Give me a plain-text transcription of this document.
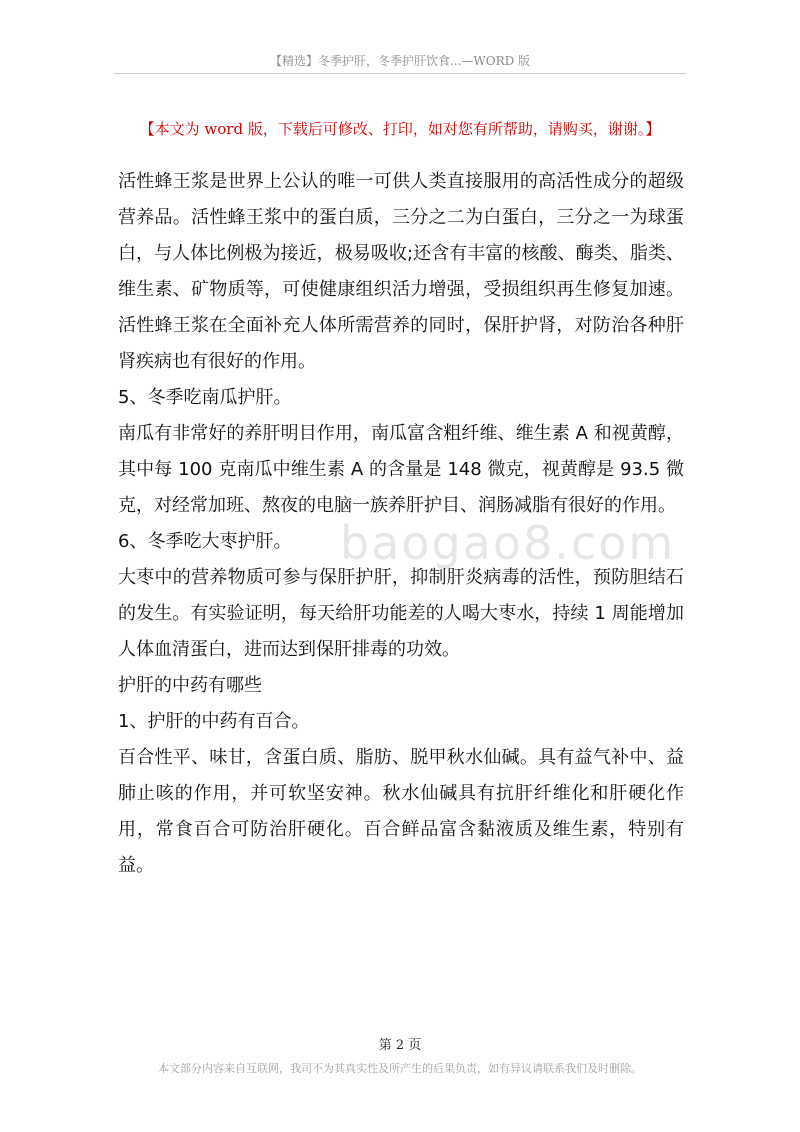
【精选】冬季护肝，冬季护肝饮食...—WORD 版
【本文为 word 版，下载后可修改、打印，如对您有所帮助，请购买，谢谢。】
baogao8.com

活性蜂王浆是世界上公认的唯一可供人类直接服用的高活性成分的超级营养品。活性蜂王浆中的蛋白质，三分之二为白蛋白，三分之一为球蛋白，与人体比例极为接近，极易吸收;还含有丰富的核酸、酶类、脂类、维生素、矿物质等，可使健康组织活力增强，受损组织再生修复加速。活性蜂王浆在全面补充人体所需营养的同时，保肝护肾，对防治各种肝肾疾病也有很好的作用。

5、冬季吃南瓜护肝。

南瓜有非常好的养肝明目作用，南瓜富含粗纤维、维生素 A 和视黄醇，其中每 100 克南瓜中维生素 A 的含量是 148 微克，视黄醇是 93.5 微克，对经常加班、熬夜的电脑一族养肝护目、润肠减脂有很好的作用。

6、冬季吃大枣护肝。

大枣中的营养物质可参与保肝护肝，抑制肝炎病毒的活性，预防胆结石的发生。有实验证明，每天给肝功能差的人喝大枣水，持续 1 周能增加人体血清蛋白，进而达到保肝排毒的功效。

护肝的中药有哪些

1、护肝的中药有百合。

百合性平、味甘，含蛋白质、脂肪、脱甲秋水仙碱。具有益气补中、益肺止咳的作用，并可软坚安神。秋水仙碱具有抗肝纤维化和肝硬化作用，常食百合可防治肝硬化。百合鲜品富含黏液质及维生素，特别有益。

第 2 页
本文部分内容来自互联网，我司不为其真实性及所产生的后果负责，如有异议请联系我们及时删除。
